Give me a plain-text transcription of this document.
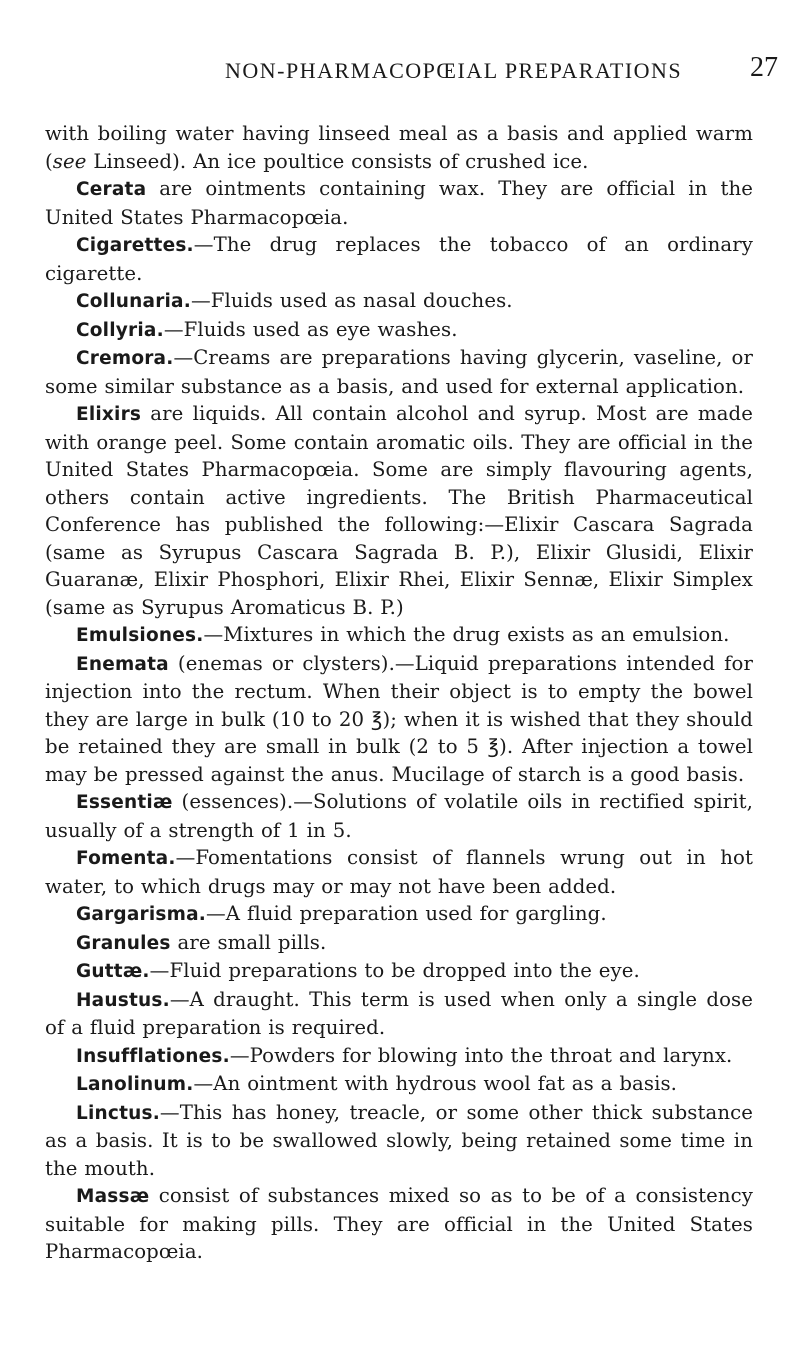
NON-PHARMACOPŒIAL PREPARATIONS 27

with boiling water having linseed meal as a basis and applied warm (see Linseed). An ice poultice consists of crushed ice.

Cerata are ointments containing wax. They are official in the United States Pharmacopœia.

Cigarettes.—The drug replaces the tobacco of an ordinary cigarette.

Collunaria.—Fluids used as nasal douches.

Collyria.—Fluids used as eye washes.

Cremora.—Creams are preparations having glycerin, vaseline, or some similar substance as a basis, and used for external application.

Elixirs are liquids. All contain alcohol and syrup. Most are made with orange peel. Some contain aromatic oils. They are official in the United States Pharmacopœia. Some are simply flavouring agents, others contain active ingredients. The British Pharmaceutical Conference has published the following:—Elixir Cascara Sagrada (same as Syrupus Cascara Sagrada B. P.), Elixir Glusidi, Elixir Guaranæ, Elixir Phosphori, Elixir Rhei, Elixir Sennæ, Elixir Simplex (same as Syrupus Aromaticus B. P.)

Emulsiones.—Mixtures in which the drug exists as an emulsion.

Enemata (enemas or clysters).—Liquid preparations intended for injection into the rectum. When their object is to empty the bowel they are large in bulk (10 to 20 ℥); when it is wished that they should be retained they are small in bulk (2 to 5 ℥). After injection a towel may be pressed against the anus. Mucilage of starch is a good basis.

Essentiæ (essences).—Solutions of volatile oils in rectified spirit, usually of a strength of 1 in 5.

Fomenta.—Fomentations consist of flannels wrung out in hot water, to which drugs may or may not have been added.

Gargarisma.—A fluid preparation used for gargling.

Granules are small pills.

Guttæ.—Fluid preparations to be dropped into the eye.

Haustus.—A draught. This term is used when only a single dose of a fluid preparation is required.

Insufflationes.—Powders for blowing into the throat and larynx.

Lanolinum.—An ointment with hydrous wool fat as a basis.

Linctus.—This has honey, treacle, or some other thick substance as a basis. It is to be swallowed slowly, being retained some time in the mouth.

Massæ consist of substances mixed so as to be of a consistency suitable for making pills. They are official in the United States Pharmacopœia.
